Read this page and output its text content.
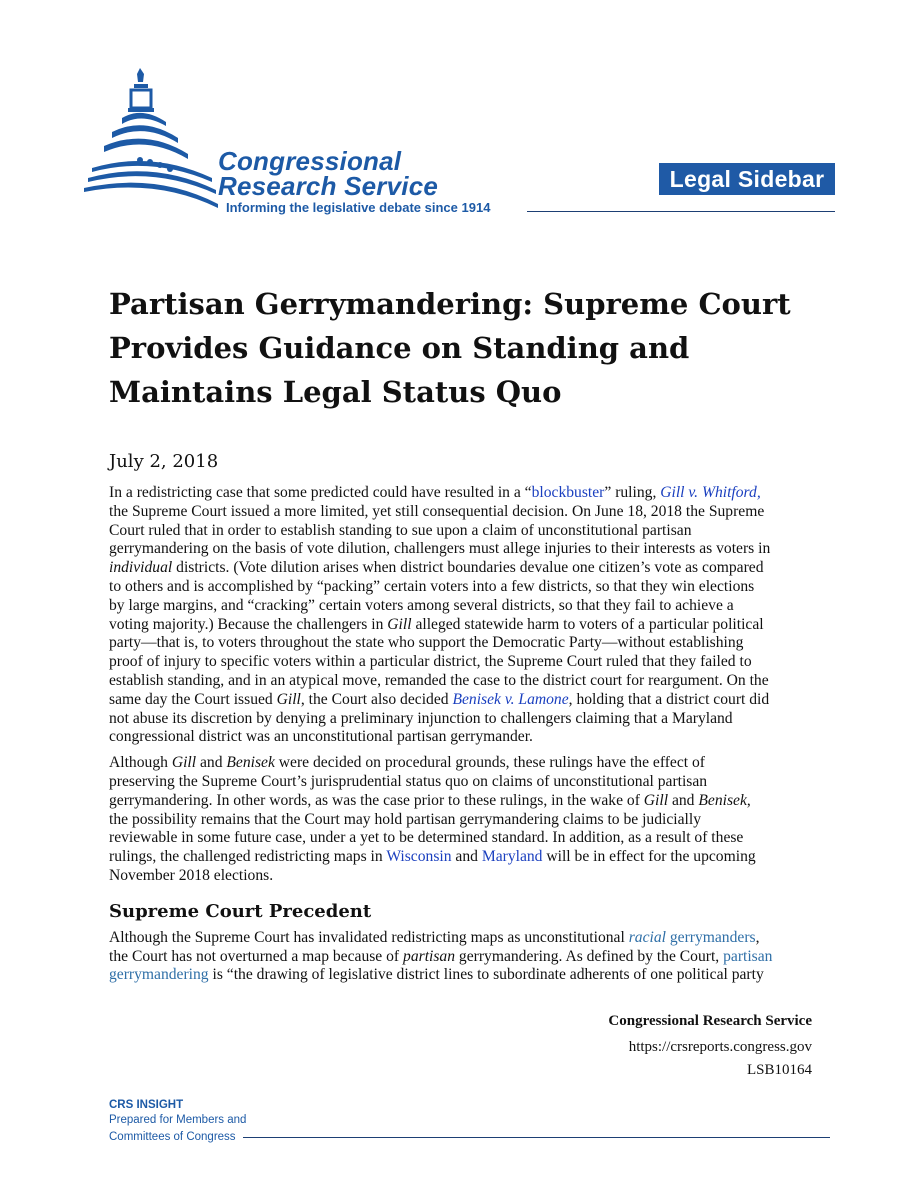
Congressional
Research Service
Informing the legislative debate since 1914
Legal Sidebar
Partisan Gerrymandering: Supreme Court
Provides Guidance on Standing and
Maintains Legal Status Quo
July 2, 2018

In a redistricting case that some predicted could have resulted in a “blockbuster” ruling, Gill v. Whitford,
the Supreme Court issued a more limited, yet still consequential decision. On June 18, 2018 the Supreme
Court ruled that in order to establish standing to sue upon a claim of unconstitutional partisan
gerrymandering on the basis of vote dilution, challengers must allege injuries to their interests as voters in
individual districts. (Vote dilution arises when district boundaries devalue one citizen’s vote as compared
to others and is accomplished by “packing” certain voters into a few districts, so that they win elections
by large margins, and “cracking” certain voters among several districts, so that they fail to achieve a
voting majority.) Because the challengers in Gill alleged statewide harm to voters of a particular political
party—that is, to voters throughout the state who support the Democratic Party—without establishing
proof of injury to specific voters within a particular district, the Supreme Court ruled that they failed to
establish standing, and in an atypical move, remanded the case to the district court for reargument. On the
same day the Court issued Gill, the Court also decided Benisek v. Lamone, holding that a district court did
not abuse its discretion by denying a preliminary injunction to challengers claiming that a Maryland
congressional district was an unconstitutional partisan gerrymander.

Although Gill and Benisek were decided on procedural grounds, these rulings have the effect of
preserving the Supreme Court’s jurisprudential status quo on claims of unconstitutional partisan
gerrymandering. In other words, as was the case prior to these rulings, in the wake of Gill and Benisek,
the possibility remains that the Court may hold partisan gerrymandering claims to be judicially
reviewable in some future case, under a yet to be determined standard. In addition, as a result of these
rulings, the challenged redistricting maps in Wisconsin and Maryland will be in effect for the upcoming
November 2018 elections.

Supreme Court Precedent

Although the Supreme Court has invalidated redistricting maps as unconstitutional racial gerrymanders,
the Court has not overturned a map because of partisan gerrymandering. As defined by the Court, partisan
gerrymandering is “the drawing of legislative district lines to subordinate adherents of one political party

Congressional Research Service
https://crsreports.congress.gov
LSB10164
CRS INSIGHT
Prepared for Members and
Committees of Congress
